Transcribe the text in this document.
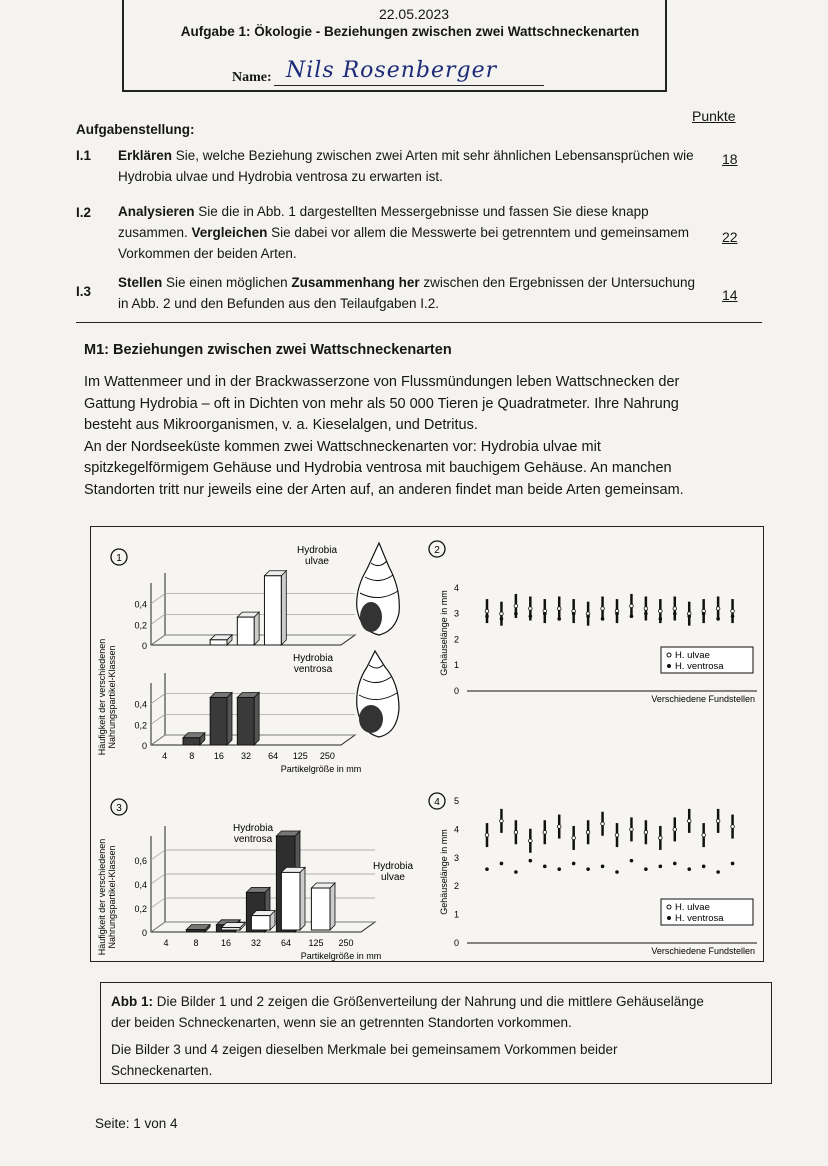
22.05.2023
Aufgabe 1: Ökologie - Beziehungen zwischen zwei Wattschneckenarten
Name: Nils Rosenberger
Aufgabenstellung:
Punkte
I.1 Erklären Sie, welche Beziehung zwischen zwei Arten mit sehr ähnlichen Lebensansprüchen wie
Hydrobia ulvae und Hydrobia ventrosa zu erwarten ist.
18
I.2 Analysieren Sie die in Abb. 1 dargestellten Messergebnisse und fassen Sie diese knapp
zusammen. Vergleichen Sie dabei vor allem die Messwerte bei getrenntem und gemeinsamem
Vorkommen der beiden Arten.
22
I.3
Stellen Sie einen möglichen Zusammenhang her zwischen den Ergebnissen der Untersuchung
in Abb. 2 und den Befunden aus den Teilaufgaben I.2.
14
M1: Beziehungen zwischen zwei Wattschneckenarten
Im Wattenmeer und in der Brackwasserzone von Flussmündungen leben Wattschnecken der
Gattung Hydrobia – oft in Dichten von mehr als 50 000 Tieren je Quadratmeter. Ihre Nahrung
besteht aus Mikroorganismen, v. a. Kieselalgen, und Detritus.
An der Nordseeküste kommen zwei Wattschneckenarten vor: Hydrobia ulvae mit
spitzkegelförmigem Gehäuse und Hydrobia ventrosa mit bauchigem Gehäuse. An manchen
Standorten tritt nur jeweils eine der Arten auf, an anderen findet man beide Arten gemeinsam.
1
2
3
4
Häufigkeit der verschiedenen Nahrungspartikel-Klassen
Häufigkeit der verschiedenen Nahrungspartikel-Klassen
0
0,2
0,4
0
0,2
0,4
4 8 16 32 64 125 250
Partikelgröße in mm
0
0,2
0,4
0,6
4	8 16 32 64 125 250
Partikelgröße in mm
0
1
2
3
4
Gehäuselänge in mm
Verschiedene Fundstellen
H. ulvae
H. ventrosa
0
1
2
3
4
5
Gehäuselänge in mm
Verschiedene Fundstellen
H. ulvae
H. ventrosa
Hydrobia
ulvae
Hydrobia
ventrosa
Hydrobia
ventrosa
Hydrobia
ulvae
Abb 1: Die Bilder 1 und 2 zeigen die Größenverteilung der Nahrung und die mittlere Gehäuselänge
der beiden Schneckenarten, wenn sie an getrennten Standorten vorkommen.
Die Bilder 3 und 4 zeigen dieselben Merkmale bei gemeinsamem Vorkommen beider
Schneckenarten.
Seite: 1 von 4
